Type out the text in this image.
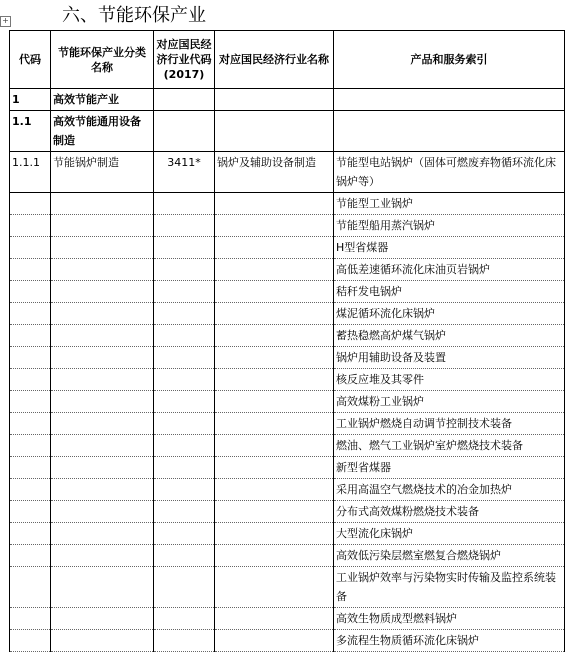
+	六、节能环保产业
代码	节能环保产业分类名称	对应国民经济行业代码(2017)	对应国民经济行业名称	产品和服务索引
1	高效节能产业			
1.1	高效节能通用设备制造			
1.1.1	节能锅炉制造	3411*	锅炉及辅助设备制造	节能型电站锅炉（固体可燃废弃物循环流化床锅炉等）
				节能型工业锅炉
				节能型船用蒸汽锅炉
				H型省煤器
				高低差速循环流化床油页岩锅炉
				秸秆发电锅炉
				煤泥循环流化床锅炉
				蓄热稳燃高炉煤气锅炉
				锅炉用辅助设备及装置
				核反应堆及其零件
				高效煤粉工业锅炉
				工业锅炉燃烧自动调节控制技术装备
				燃油、燃气工业锅炉室炉燃烧技术装备
				新型省煤器
				采用高温空气燃烧技术的冶金加热炉
				分布式高效煤粉燃烧技术装备
				大型流化床锅炉
				高效低污染层燃室燃复合燃烧锅炉
				工业锅炉效率与污染物实时传输及监控系统装备
				高效生物质成型燃料锅炉
				多流程生物质循环流化床锅炉
